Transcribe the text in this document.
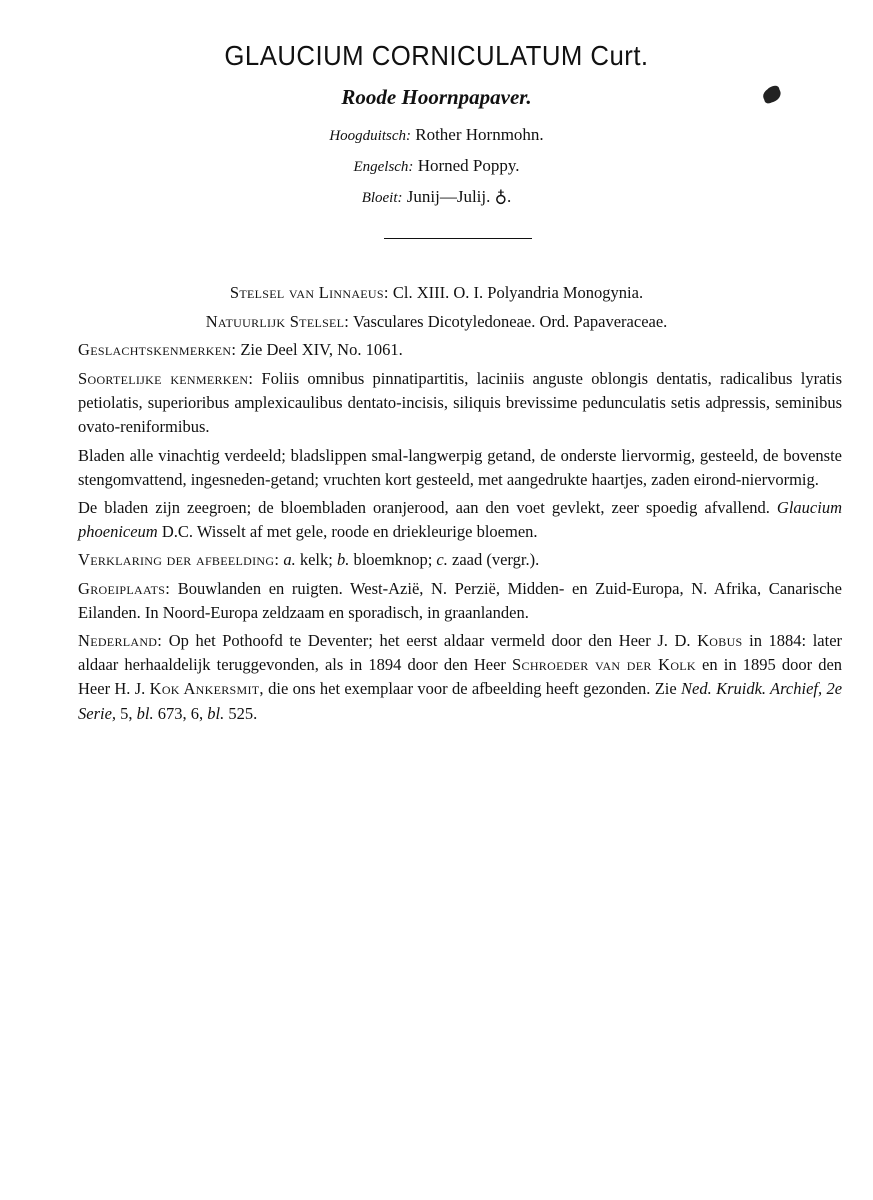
GLAUCIUM CORNICULATUM Curt.
Roode Hoornpapaver.
Hoogduitsch: Rother Hornmohn.
Engelsch: Horned Poppy.
Bloeit: Junij—Julij. ♁.
Stelsel van Linnaeus: Cl. XIII. O. I. Polyandria Monogynia.
Natuurlijk Stelsel: Vasculares Dicotyledoneae. Ord. Papaveraceae.
Geslachtskenmerken: Zie Deel XIV, No. 1061.

Soortelijke kenmerken: Foliis omnibus pinnatipartitis, laciniis anguste oblongis dentatis, radicalibus lyratis petiolatis, superioribus amplexicaulibus dentato-incisis, siliquis brevissime pedunculatis setis adpressis, seminibus ovato-reniformibus.

Bladen alle vinachtig verdeeld; bladslippen smal-langwerpig getand, de onderste liervormig, gesteeld, de bovenste stengomvattend, ingesneden-getand; vruchten kort gesteeld, met aangedrukte haartjes, zaden eirond-niervormig.

De bladen zijn zeegroen; de bloembladen oranjerood, aan den voet gevlekt, zeer spoedig afvallend. Glaucium phoeniceum D.C. Wisselt af met gele, roode en driekleurige bloemen.

Verklaring der afbeelding: a. kelk; b. bloemknop; c. zaad (vergr.).

Groeiplaats: Bouwlanden en ruigten. West-Azië, N. Perzië, Midden- en Zuid-Europa, N. Afrika, Canarische Eilanden. In Noord-Europa zeldzaam en sporadisch, in graanlanden.

Nederland: Op het Pothoofd te Deventer; het eerst aldaar vermeld door den Heer J. D. Kobus in 1884: later aldaar herhaaldelijk teruggevonden, als in 1894 door den Heer Schroeder van der Kolk en in 1895 door den Heer H. J. Kok Ankersmit, die ons het exemplaar voor de afbeelding heeft gezonden. Zie Ned. Kruidk. Archief, 2e Serie, 5, bl. 673, 6, bl. 525.
